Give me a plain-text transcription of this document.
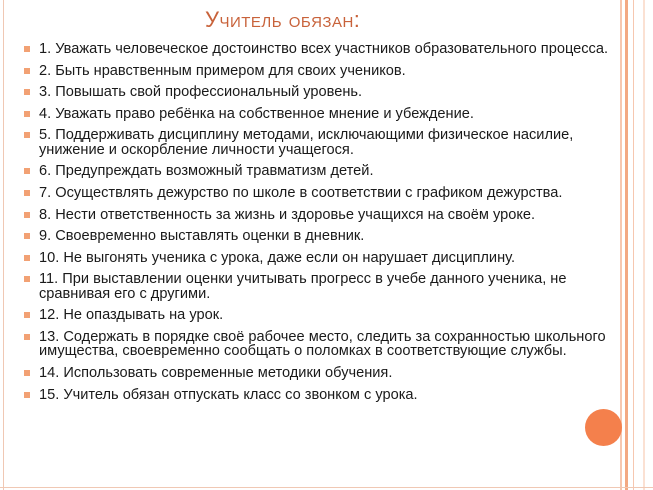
Учитель обязан:
1. Уважать человеческое достоинство всех участников образовательного процесса.
2. Быть нравственным примером для своих учеников.
3. Повышать свой профессиональный уровень.
4. Уважать право ребёнка на собственное мнение и убеждение.
5. Поддерживать дисциплину методами, исключающими физическое насилие, унижение и оскорбление личности учащегося.
6. Предупреждать возможный травматизм детей.
7. Осуществлять дежурство по школе в соответствии с графиком дежурства.
8. Нести ответственность за жизнь и здоровье учащихся на своём уроке.
9. Своевременно выставлять оценки в дневник.
10. Не выгонять ученика с урока, даже если он нарушает дисциплину.
11. При выставлении оценки учитывать прогресс в учебе данного ученика, не сравнивая его с другими.
12. Не опаздывать на урок.
13. Содержать в порядке своё рабочее место, следить за сохранностью школьного имущества, своевременно сообщать о поломках в соответствующие службы.
14. Использовать современные методики обучения.
15. Учитель обязан отпускать класс со звонком с урока.
